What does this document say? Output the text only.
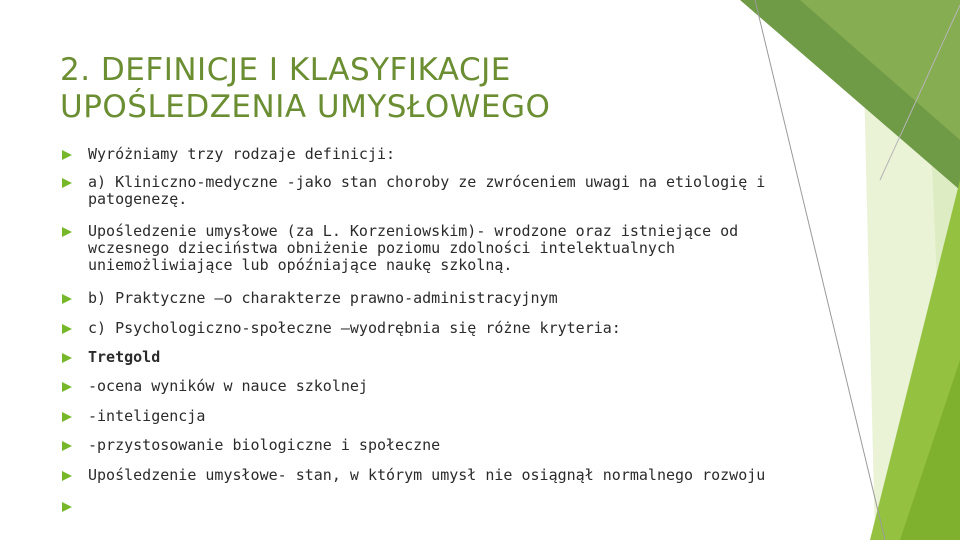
2. DEFINICJE I KLASYFIKACJE
UPOŚLEDZENIA UMYSŁOWEGO
Wyróżniamy trzy rodzaje definicji:
a) Kliniczno-medyczne -jako stan choroby ze zwróceniem uwagi na etiologię i patogenezę.
Upośledzenie umysłowe (za L. Korzeniowskim)- wrodzone oraz istniejące od wczesnego dzieciństwa obniżenie poziomu zdolności intelektualnych uniemożliwiające lub opóźniające naukę szkolną.
b) Praktyczne –o charakterze prawno-administracyjnym
c) Psychologiczno-społeczne –wyodrębnia się różne kryteria:
Tretgold
-ocena wyników w nauce szkolnej
-inteligencja
-przystosowanie biologiczne i społeczne
Upośledzenie umysłowe- stan, w którym umysł nie osiągnął normalnego rozwoju
